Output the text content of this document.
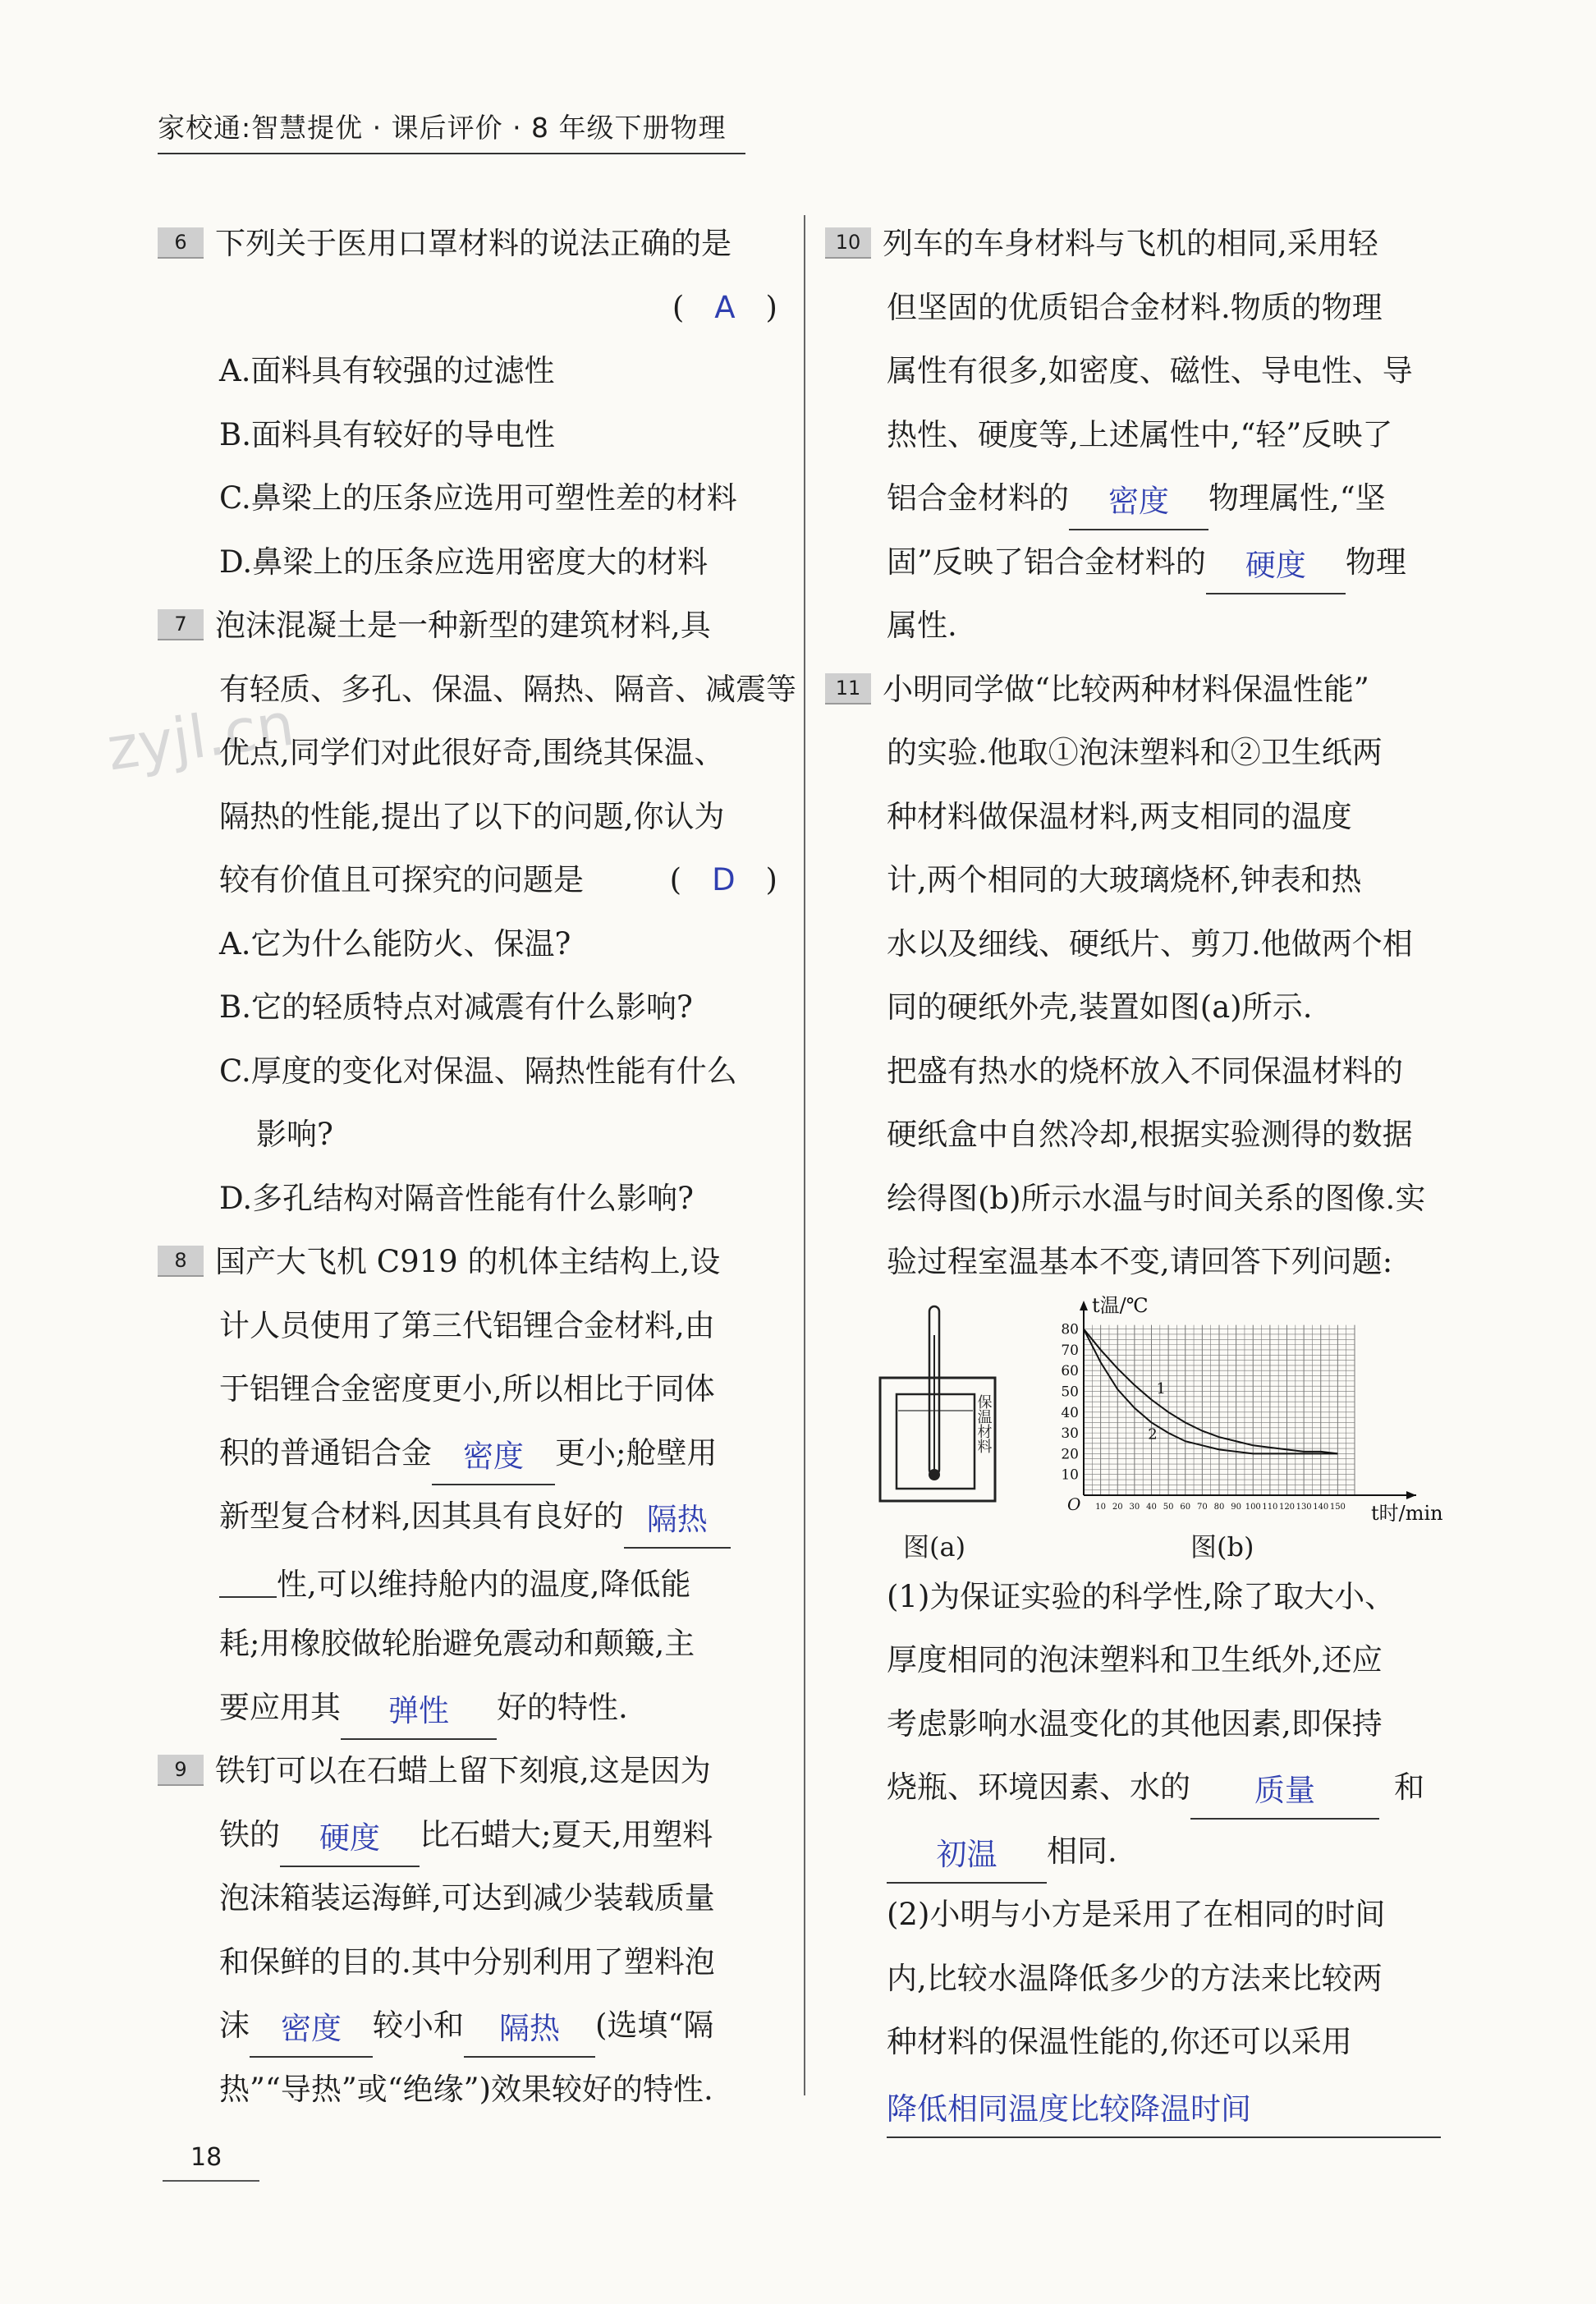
家校通:智慧提优 · 课后评价 · 8 年级下册物理
zyjl.cn
6 下列关于医用口罩材料的说法正确的是
(　A　)
A.面料具有较强的过滤性
B.面料具有较好的导电性
C.鼻梁上的压条应选用可塑性差的材料
D.鼻梁上的压条应选用密度大的材料
7 泡沫混凝土是一种新型的建筑材料,具
有轻质、多孔、保温、隔热、隔音、减震等
优点,同学们对此很好奇,围绕其保温、
隔热的性能,提出了以下的问题,你认为
较有价值且可探究的问题是	(　D　)
A.它为什么能防火、保温?
B.它的轻质特点对减震有什么影响?
C.厚度的变化对保温、隔热性能有什么
影响?
D.多孔结构对隔音性能有什么影响?
8 国产大飞机 C919 的机体主结构上,设
计人员使用了第三代铝锂合金材料,由
于铝锂合金密度更小,所以相比于同体
积的普通铝合金 密度 更小;舱壁用
新型复合材料,因其具有良好的 隔热
性,可以维持舱内的温度,降低能
耗;用橡胶做轮胎避免震动和颠簸,主
要应用其 弹性 好的特性.
9 铁钉可以在石蜡上留下刻痕,这是因为
铁的 硬度 比石蜡大;夏天,用塑料
泡沫箱装运海鲜,可达到减少装载质量
和保鲜的目的.其中分别利用了塑料泡
沫 密度 较小和 隔热 (选填“隔
热”“导热”或“绝缘”)效果较好的特性.
10 列车的车身材料与飞机的相同,采用轻
但坚固的优质铝合金材料.物质的物理
属性有很多,如密度、磁性、导电性、导
热性、硬度等,上述属性中,“轻”反映了
铝合金材料的 密度 物理属性,“坚
固”反映了铝合金材料的 硬度 物理
属性.
11 小明同学做“比较两种材料保温性能”
的实验.他取①泡沫塑料和②卫生纸两
种材料做保温材料,两支相同的温度
计,两个相同的大玻璃烧杯,钟表和热
水以及细线、硬纸片、剪刀.他做两个相
同的硬纸外壳,装置如图(a)所示.
把盛有热水的烧杯放入不同保温材料的
硬纸盒中自然冷却,根据实验测得的数据
绘得图(b)所示水温与时间关系的图像.实
验过程室温基本不变,请回答下列问题:
保温材料
图(a)
80
70
60
50
40
30
20
10
10 20 30 40 50 60 70 80 90 100 110 120 130 140 150
O
t温/℃
t时/min
1
2
图(b)
(1)为保证实验的科学性,除了取大小、
厚度相同的泡沫塑料和卫生纸外,还应
考虑影响水温变化的其他因素,即保持
烧瓶、环境因素、水的 质量	和
初温 相同.
(2)小明与小方是采用了在相同的时间
内,比较水温降低多少的方法来比较两
种材料的保温性能的,你还可以采用
降低相同温度比较降温时间
18
